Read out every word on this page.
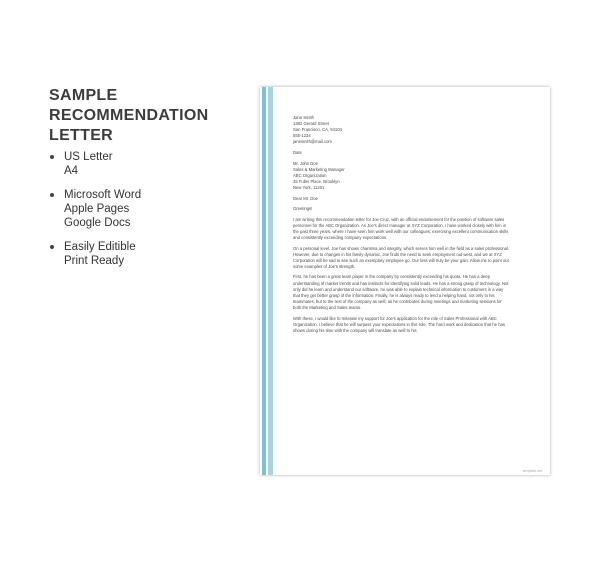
SAMPLE RECOMMENDATION LETTER
US Letter
A4
Microsoft Word
Apple Pages
Google Docs
Easily Editible
Print Ready

Jane Smith
1382 Gerard Street
San Francisco, CA, 94104
555-1234
janesmith@mail.com

Date

Mr. John Doe
Sales & Marketing Manager
ABC Organization
35 Fuller Place, Brooklyn
New York, 11201

Dear Mr. Doe

Greetings!

I am writing this recommendation letter for Joe Cruz, with an official endorsement for the position of software sales personnel for the ABC Organization. As Joe's direct manager at XYZ Corporation, I have worked closely with him in the past three years, where I have seen him work well with our colleagues; exercising excellent communication skills and consistently exceeding company expectations.

On a personal level, Joe has shown charisma and integrity, which serves him well in the field as a sales professional. However, due to changes in his family dynamic, Joe finds the need to seek employment out west, and we at XYZ Corporation will be sad to see such an exemplary employee go. Our loss will truly be your gain. Allow me to point out some examples of Joe's strength.

First, he has been a great team player in the company by consistently exceeding his quota. He has a deep understanding of market trends and has instincts for identifying solid leads. He has a strong grasp of technology. Not only did he learn and understand our software, he was able to explain technical information to customers in a way that they get better grasp of the information. Finally, he is always ready to lend a helping hand, not only to his teammates, but to the rest of the company as well, as he contributes during meetings and marketing sessions for both the Marketing and Sales teams.

With these, I would like to reiterate my support for Joe's application for the role of Sales Professional with ABC Organization. I believe that he will surpass your expectations in this role. The hard work and dedication that he has shown during his time with the company will translate as well to his

template.net
